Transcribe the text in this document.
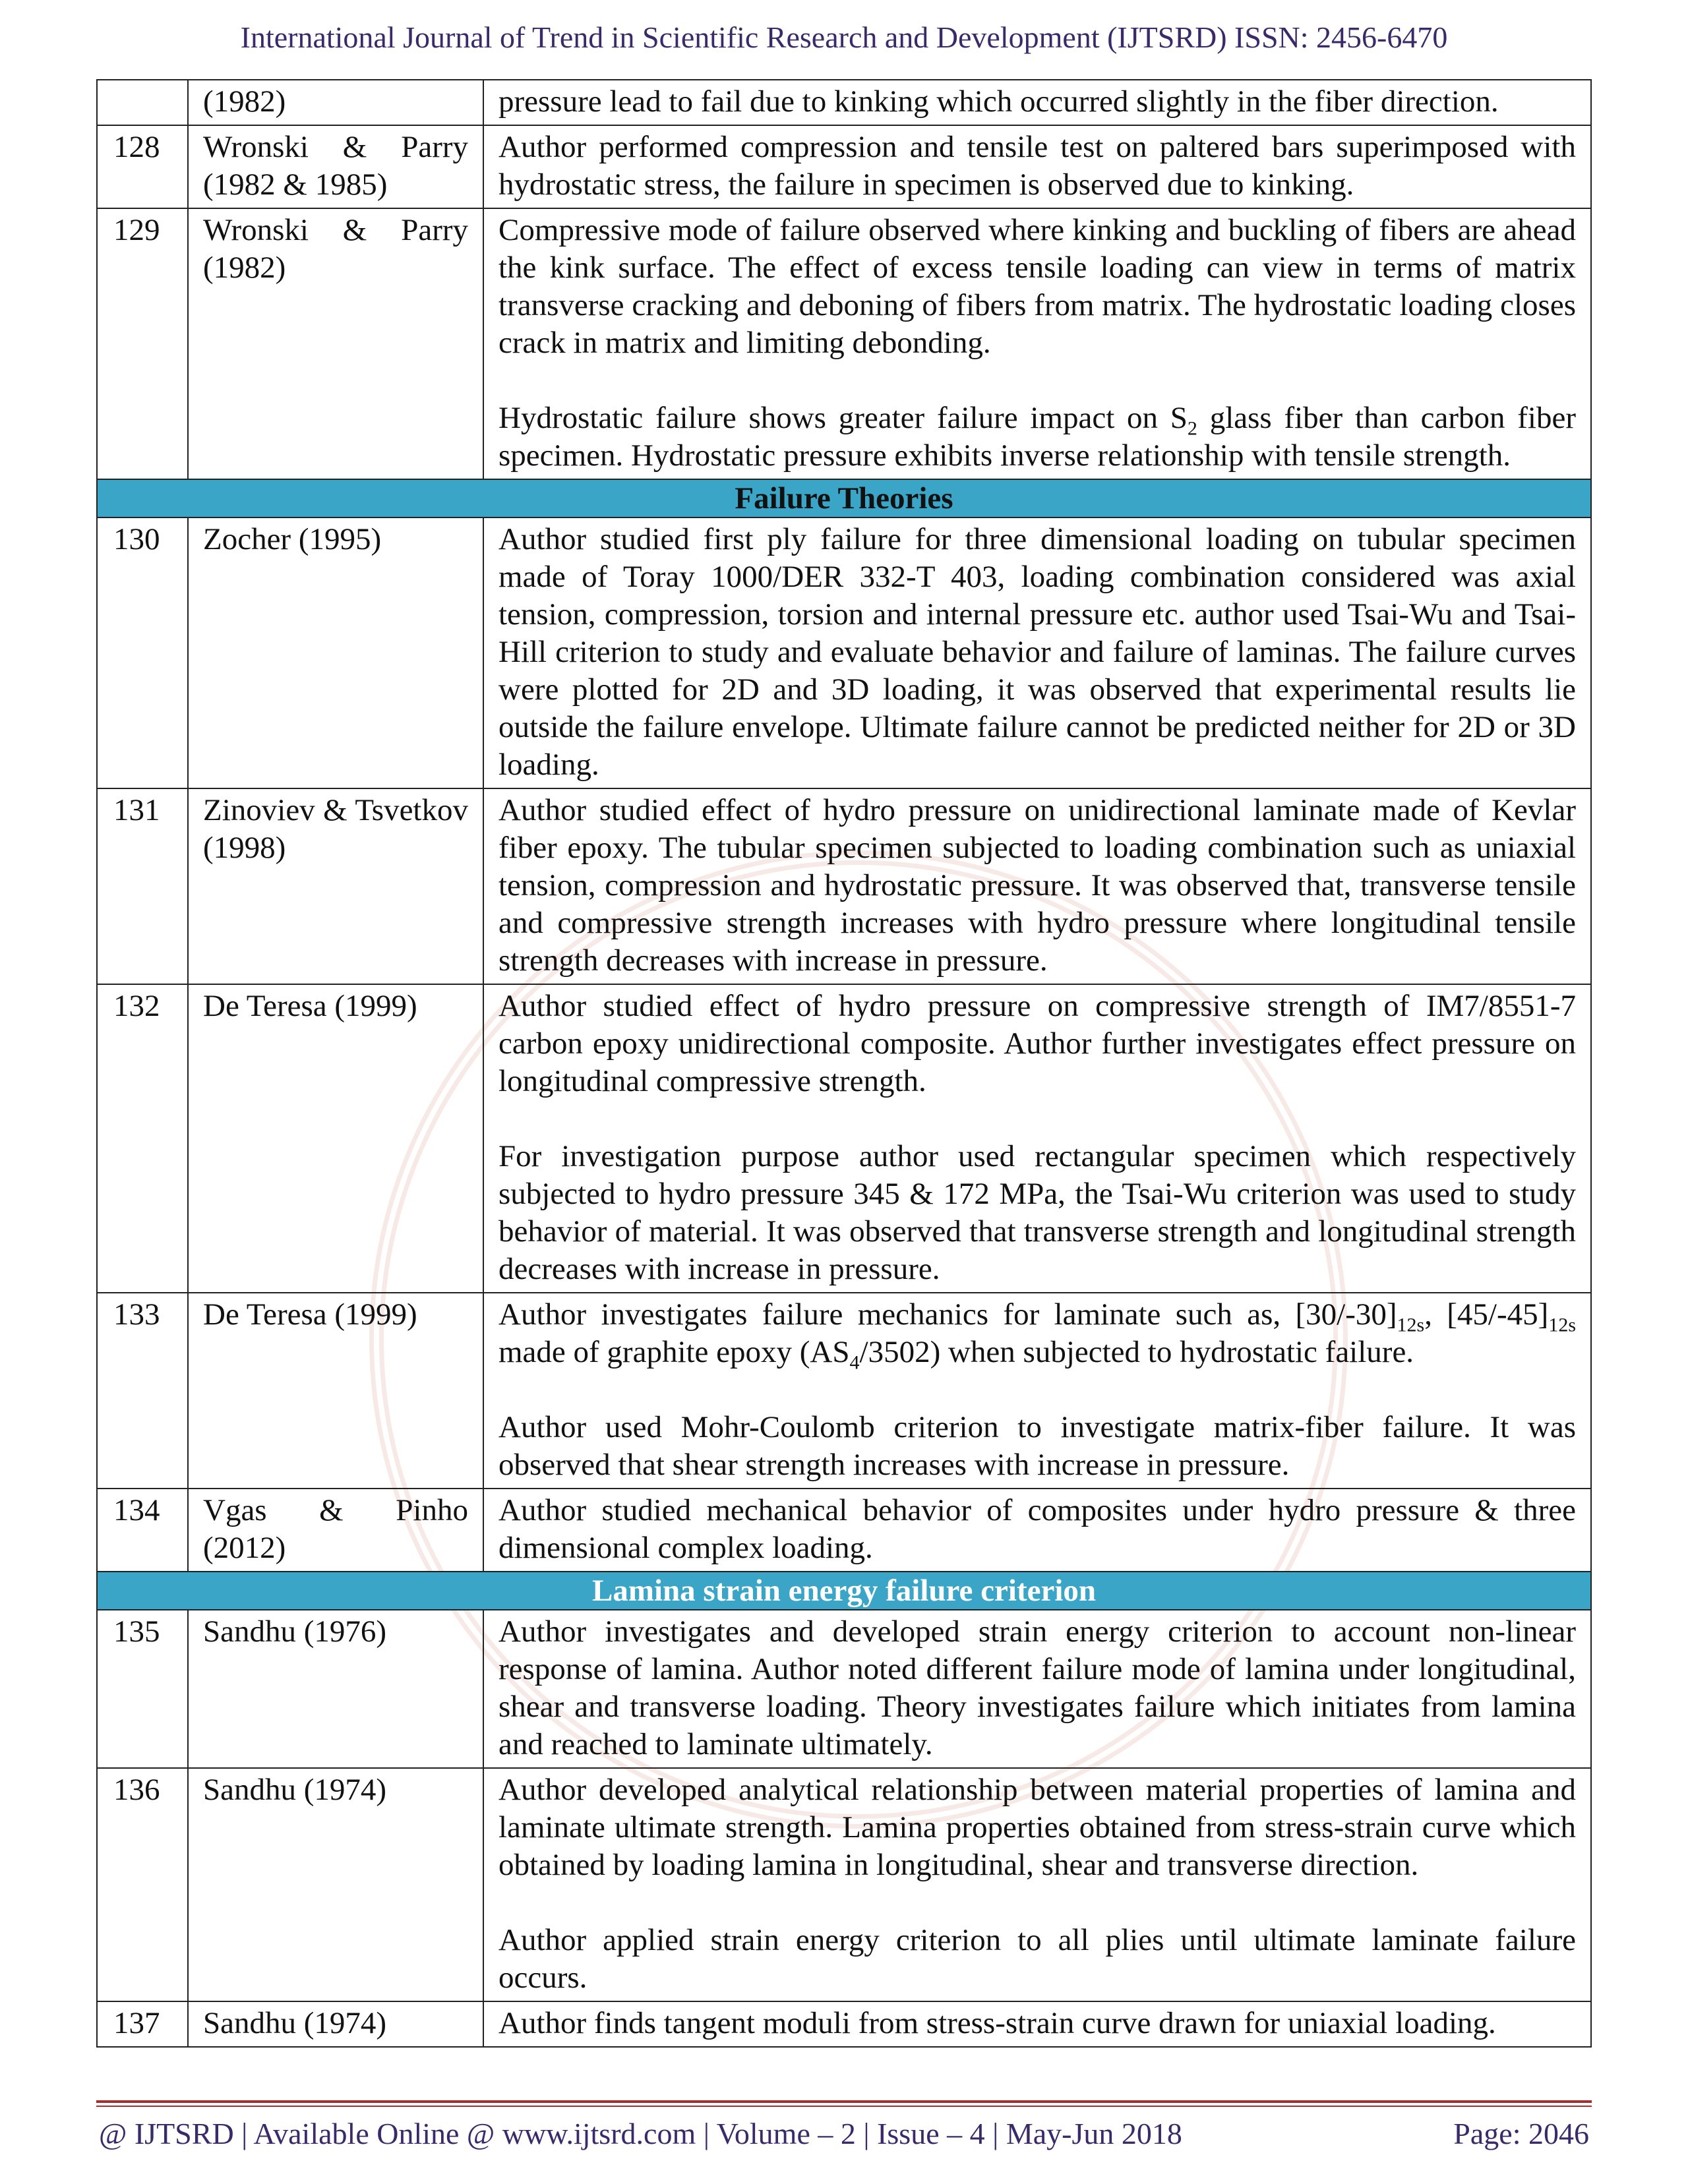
International Journal of Trend in Scientific Research and Development (IJTSRD) ISSN: 2456-6470
	(1982)	pressure lead to fail due to kinking which occurred slightly in the fiber direction.

128	Wronski & Parry (1982 & 1985)	Author performed compression and tensile test on paltered bars superimposed with hydrostatic stress, the failure in specimen is observed due to kinking.

129	Wronski & Parry (1982)	Compressive mode of failure observed where kinking and buckling of fibers are ahead the kink surface. The effect of excess tensile loading can view in terms of matrix transverse cracking and deboning of fibers from matrix. The hydrostatic loading closes crack in matrix and limiting debonding.

Hydrostatic failure shows greater failure impact on $S_2$ glass fiber than carbon fiber specimen. Hydrostatic pressure exhibits inverse relationship with tensile strength.

Failure Theories		
130	Zocher (1995)	Author studied first ply failure for three dimensional loading on tubular specimen made of Toray 1000/DER 332-T 403, loading combination considered was axial tension, compression, torsion and internal pressure etc. author used Tsai-Wu and Tsai-Hill criterion to study and evaluate behavior and failure of laminas. The failure curves were plotted for 2D and 3D loading, it was observed that experimental results lie outside the failure envelope. Ultimate failure cannot be predicted neither for 2D or 3D loading.

131	Zinoviev & Tsvetkov (1998)	Author studied effect of hydro pressure on unidirectional laminate made of Kevlar fiber epoxy. The tubular specimen subjected to loading combination such as uniaxial tension, compression and hydrostatic pressure. It was observed that, transverse tensile and compressive strength increases with hydro pressure where longitudinal tensile strength decreases with increase in pressure.

132	De Teresa (1999)	Author studied effect of hydro pressure on compressive strength of IM7/8551-7 carbon epoxy unidirectional composite. Author further investigates effect pressure on longitudinal compressive strength.

For investigation purpose author used rectangular specimen which respectively subjected to hydro pressure 345 & 172 MPa, the Tsai-Wu criterion was used to study behavior of material. It was observed that transverse strength and longitudinal strength decreases with increase in pressure.

133	De Teresa (1999)	Author investigates failure mechanics for laminate such as, $[30/-30]_{12s}$, $[45/-45]_{12s}$ made of graphite epoxy $(AS_4/3502)$ when subjected to hydrostatic failure.

Author used Mohr-Coulomb criterion to investigate matrix-fiber failure. It was observed that shear strength increases with increase in pressure.

134	Vgas & Pinho (2012)	Author studied mechanical behavior of composites under hydro pressure & three dimensional complex loading.

Lamina strain energy failure criterion		
135	Sandhu (1976)	Author investigates and developed strain energy criterion to account non-linear response of lamina. Author noted different failure mode of lamina under longitudinal, shear and transverse loading. Theory investigates failure which initiates from lamina and reached to laminate ultimately.

136	Sandhu (1974)	Author developed analytical relationship between material properties of lamina and laminate ultimate strength. Lamina properties obtained from stress-strain curve which obtained by loading lamina in longitudinal, shear and transverse direction.

Author applied strain energy criterion to all plies until ultimate laminate failure occurs.

137	Sandhu (1974)	Author finds tangent moduli from stress-strain curve drawn for uniaxial loading.

@ IJTSRD | Available Online @ www.ijtsrd.com | Volume – 2 | Issue – 4 | May-Jun 2018	Page: 2046
